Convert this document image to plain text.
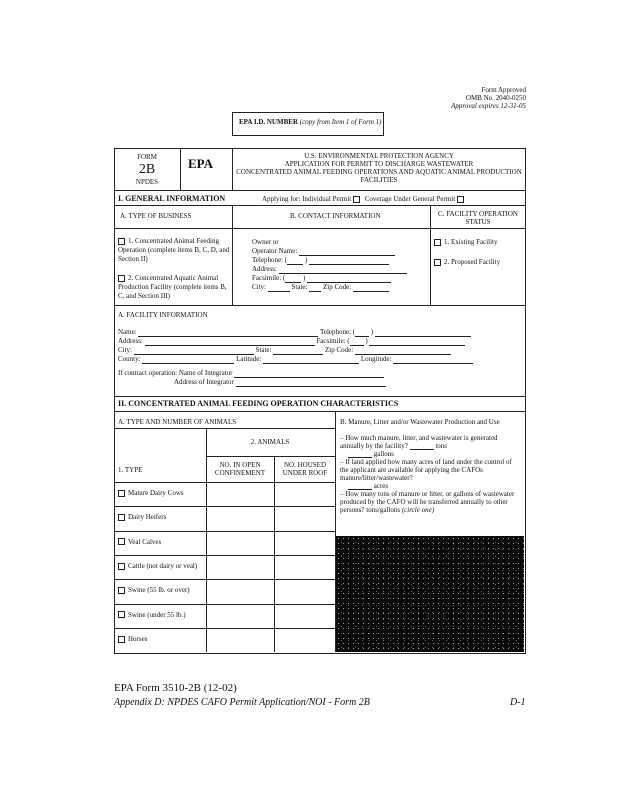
Form Approved
OMB No. 2040-0250
Approval expires 12-31-05
EPA I.D. NUMBER (copy from Item 1 of Form 1)
FORM
2B
NPDES
EPA	U.S. ENVIRONMENTAL PROTECTION AGENCY
APPLICATION FOR PERMIT TO DISCHARGE WASTEWATER
CONCENTRATED ANIMAL FEEDING OPERATIONS AND AQUATIC ANIMAL PRODUCTION
FACILITIES
I. GENERAL INFORMATION	Applying for: Individual Permit Coverage Under General Permit
A. TYPE OF BUSINESS	B. CONTACT INFORMATION	C. FACILITY OPERATION STATUS
1. Concentrated Animal Feeding Operation (complete items B, C, D, and Section II)
2. Concentrated Aquatic Animal Production Facility (complete items B, C, and Section III)
Owner or
Operator Name:
Telephone: ( )
Address:
Facsimile: ( )
City:	State: Zip Code:
1. Existing Facility
2. Proposed Facility
A. FACILITY INFORMATION
Name:	Telephone: ( )
Address:	Facsimile: ( )
City:	State:	Zip Code:
County:	Latitude:	Longitude:
If contract operation: Name of Integrator
Address of Integrator
II. CONCENTRATED ANIMAL FEEDING OPERATION CHARACTERISTICS
A. TYPE AND NUMBER OF ANIMALS	B. Manure, Litter and/or Wastewater Production and Use
2. ANIMALS
1. TYPE
NO. IN OPEN CONFINEMENT
NO. HOUSED UNDER ROOF
Mature Dairy Cows
Dairy Heifers
Veal Calves
Cattle (not dairy or veal)
Swine (55 lb. or over)
Swine (under 55 lb.)
Horses
– How much manure, litter, and wastewater is generated annually by the facility?	tons
gallons
– If land applied how many acres of land under the control of the applicant are available for applying the CAFOs manure/litter/wastewater?
acres
– How many tons of manure or litter, or gallons of wastewater produced by the CAFO will be transferred annually to other persons? tons/gallons (circle one)
EPA Form 3510-2B (12-02)
Appendix D: NPDES CAFO Permit Application/NOI - Form 2B	D-1
